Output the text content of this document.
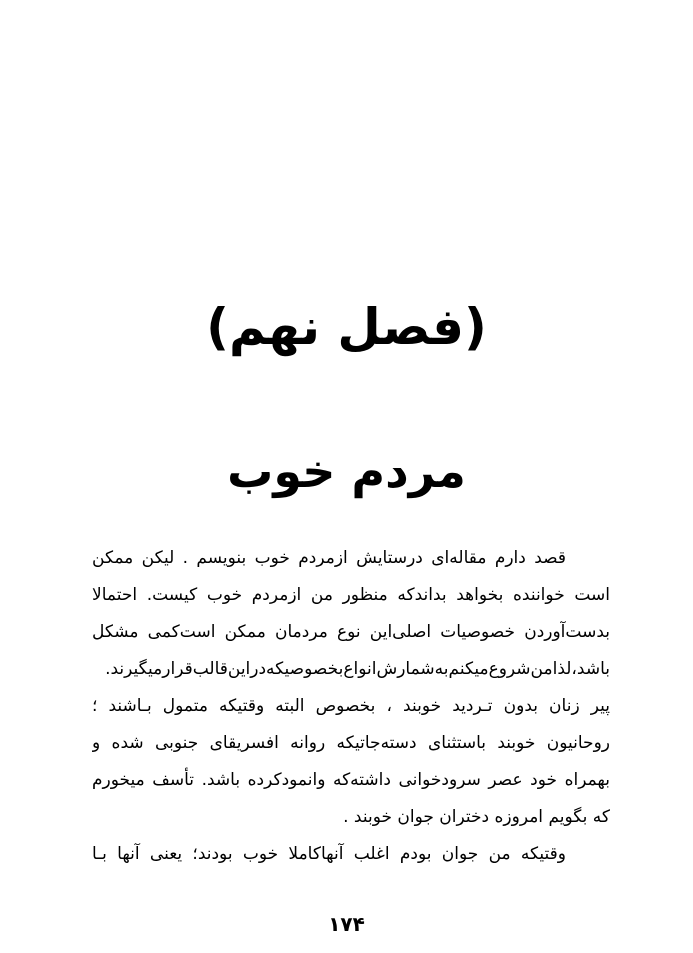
(فصل نهم)
مردم خوب
قصد دارم مقاله‌ای درستایش ازمردم خوب بنویسم . لیکن ممکن
است خواننده بخواهد بداندکه منظور من ازمردم خوب کیست. احتمالا
بدست‌آوردن خصوصیات اصلی‌این نوع مردمان ممکن است‌کمی مشکل
باشد،لذامن‌شروع‌میکنم‌به‌شمارش‌انواع‌بخصوصیکه‌دراین‌قالب‌قرارمیگیرند.
پیر زنان بدون تـردید خوبند ، بخصوص البته وقتیکه متمول بـاشند ؛
روحانیون خوبند باستثنای دسته‌جاتیکه روانه افسریقای جنوبی شده و
بهمراه خود عصر سرودخوانی داشته‌که وانمودکرده باشد. تأسف میخورم
که بگویم امروزه دختران جوان خوبند .
وقتیکه من جوان بودم اغلب آنهاکاملا خوب بودند؛ یعنی آنها بـا
۱۷۴
